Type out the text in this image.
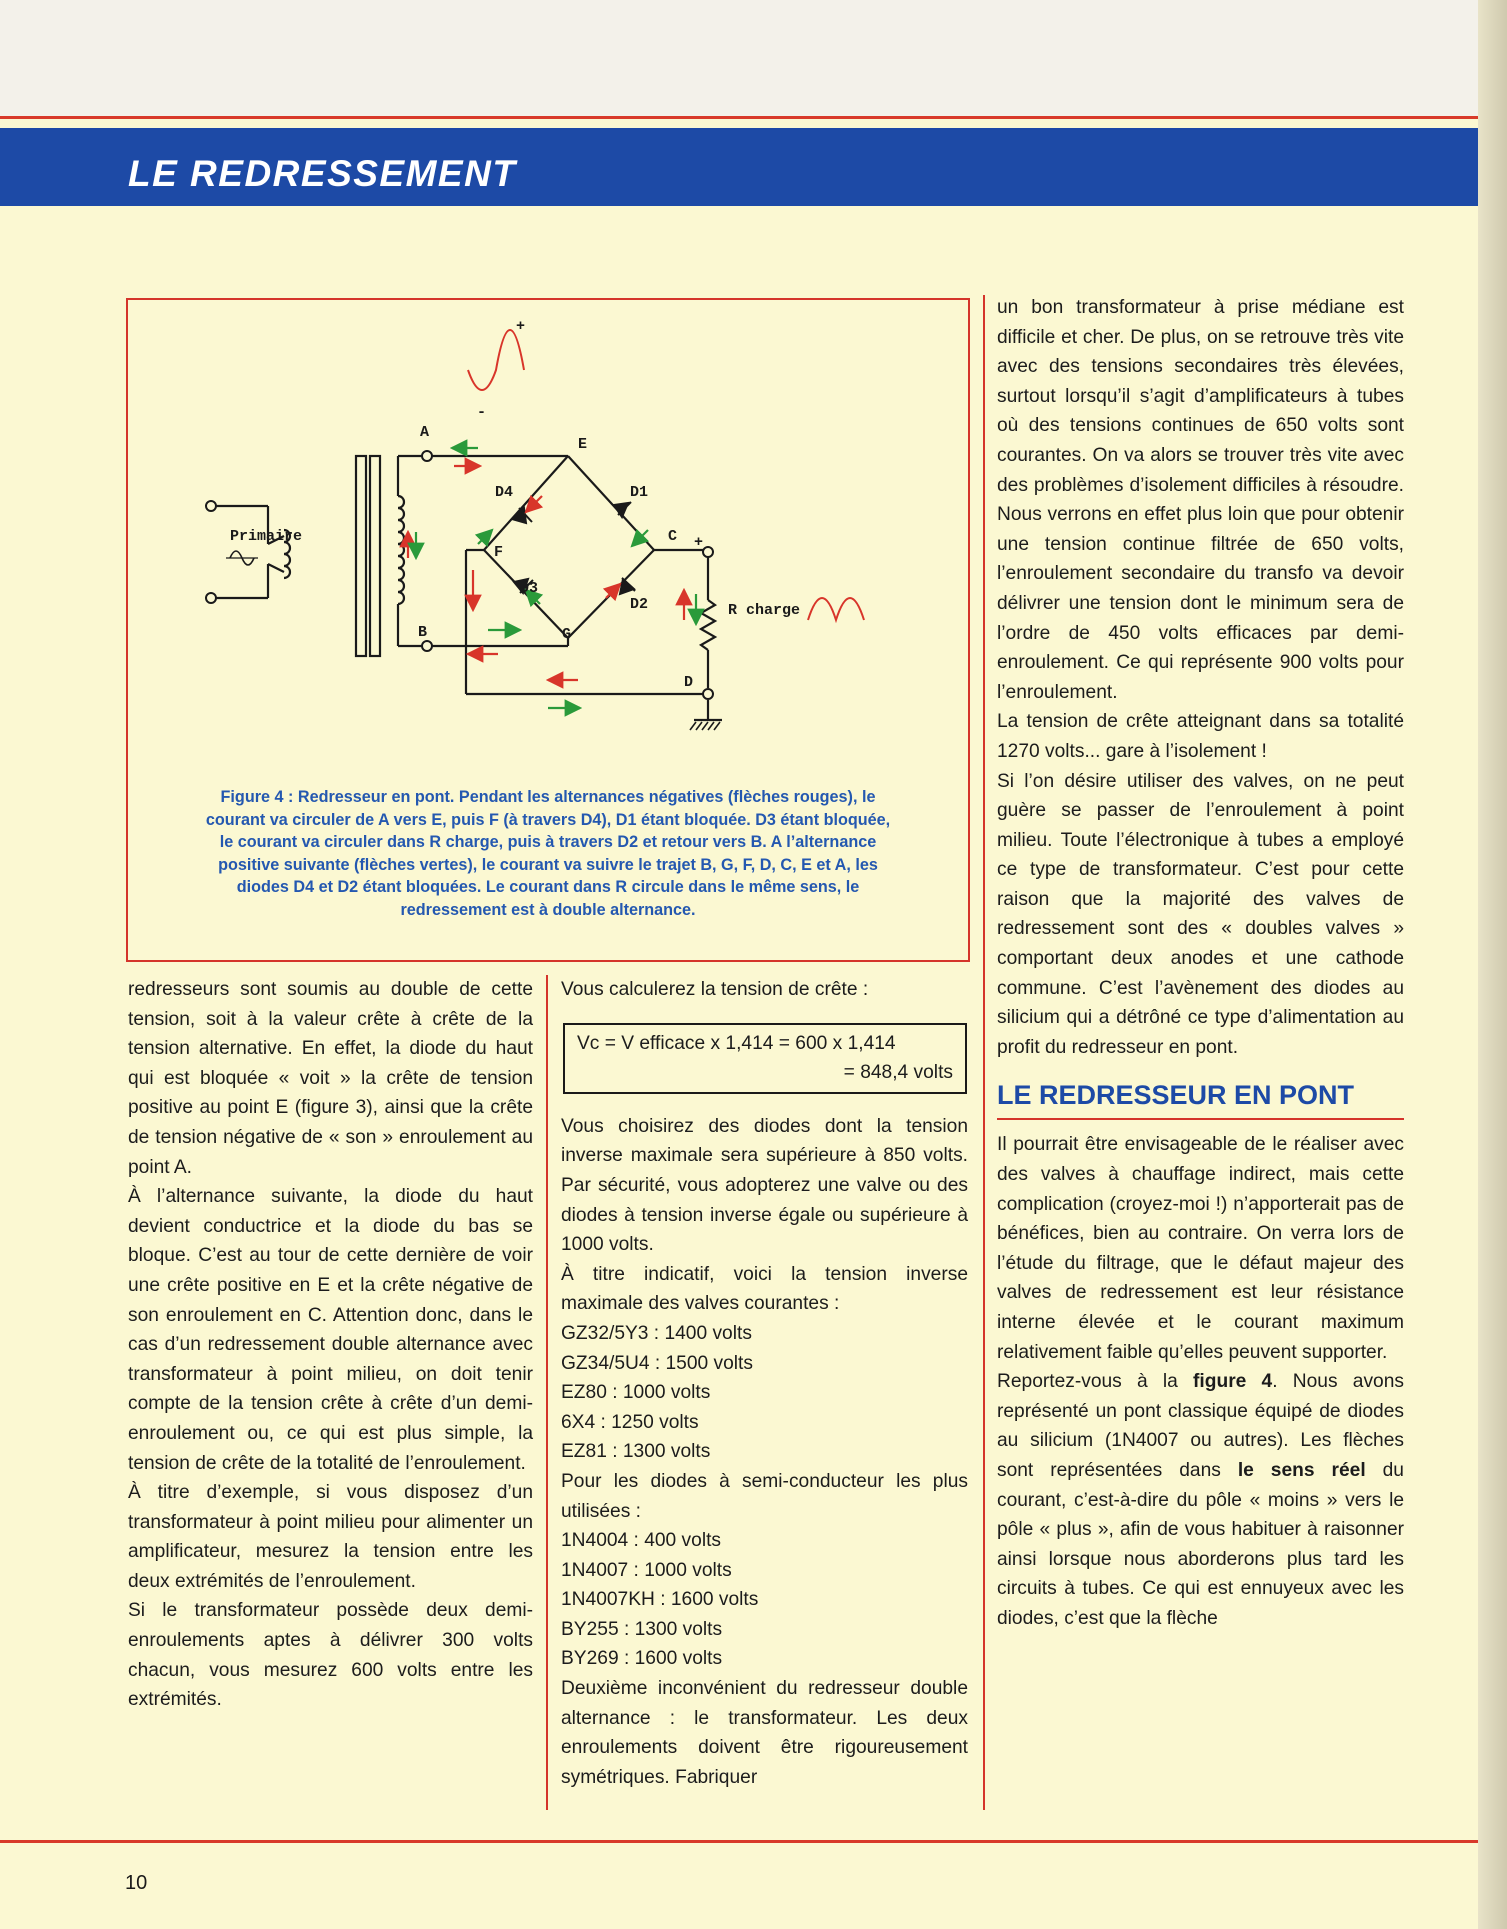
LE REDRESSEMENT
+
-
A
E
D4	D1
C +
F
D3
D2
G
B
D
R charge
Primaire
Figure 4 : Redresseur en pont. Pendant les alternances négatives (flèches rouges), le courant va circuler de A vers E, puis F (à travers D4), D1 étant bloquée. D3 étant bloquée, le courant va circuler dans R charge, puis à travers D2 et retour vers B. A l’alternance positive suivante (flèches vertes), le courant va suivre le trajet B, G, F, D, C, E et A, les diodes D4 et D2 étant bloquées. Le courant dans R circule dans le même sens, le redressement est à double alternance.

redresseurs sont soumis au double de cette tension, soit à la valeur crête à crête de la tension alternative. En effet, la diode du haut qui est bloquée « voit » la crête de tension positive au point E (figure 3), ainsi que la crête de tension négative de « son » enroulement au point A.

À l’alternance suivante, la diode du haut devient conductrice et la diode du bas se bloque. C’est au tour de cette dernière de voir une crête positive en E et la crête négative de son enroulement en C. Attention donc, dans le cas d’un redressement double alternance avec transformateur à point milieu, on doit tenir compte de la tension crête à crête d’un demi-enroulement ou, ce qui est plus simple, la tension de crête de la totalité de l’enroulement.

À titre d’exemple, si vous disposez d’un transformateur à point milieu pour alimenter un amplificateur, mesurez la tension entre les deux extrémités de l’enroulement.

Si le transformateur possède deux demi-enroulements aptes à délivrer 300 volts chacun, vous mesurez 600 volts entre les extrémités.

Vous calculerez la tension de crête :

Vc = V efficace x 1,414 = 600 x 1,414
= 848,4 volts

Vous choisirez des diodes dont la tension inverse maximale sera supérieure à 850 volts. Par sécurité, vous adopterez une valve ou des diodes à tension inverse égale ou supérieure à 1000 volts.

À titre indicatif, voici la tension inverse maximale des valves courantes :

GZ32/5Y3 : 1400 volts

GZ34/5U4 : 1500 volts

EZ80 : 1000 volts

6X4 : 1250 volts

EZ81 : 1300 volts

Pour les diodes à semi-conducteur les plus utilisées :

1N4004 : 400 volts

1N4007 : 1000 volts

1N4007KH : 1600 volts

BY255 : 1300 volts

BY269 : 1600 volts

Deuxième inconvénient du redresseur double alternance : le transformateur. Les deux enroulements doivent être rigoureusement symétriques. Fabriquer

un bon transformateur à prise médiane est difficile et cher. De plus, on se retrouve très vite avec des tensions secondaires très élevées, surtout lorsqu’il s’agit d’amplificateurs à tubes où des tensions continues de 650 volts sont courantes. On va alors se trouver très vite avec des problèmes d’isolement difficiles à résoudre. Nous verrons en effet plus loin que pour obtenir une tension continue filtrée de 650 volts, l’enroulement secondaire du transfo va devoir délivrer une tension dont le minimum sera de l’ordre de 450 volts efficaces par demi-enroulement. Ce qui représente 900 volts pour l’enroulement.

La tension de crête atteignant dans sa totalité 1270 volts... gare à l’isolement !

Si l’on désire utiliser des valves, on ne peut guère se passer de l’enroulement à point milieu. Toute l’électronique à tubes a employé ce type de transformateur. C’est pour cette raison que la majorité des valves de redressement sont des « doubles valves » comportant deux anodes et une cathode commune. C’est l’avènement des diodes au silicium qui a détrôné ce type d’alimentation au profit du redresseur en pont.

LE REDRESSEUR EN PONT

Il pourrait être envisageable de le réaliser avec des valves à chauffage indirect, mais cette complication (croyez-moi !) n’apporterait pas de bénéfices, bien au contraire. On verra lors de l’étude du filtrage, que le défaut majeur des valves de redressement est leur résistance interne élevée et le courant maximum relativement faible qu’elles peuvent supporter.

Reportez-vous à la figure 4. Nous avons représenté un pont classique équipé de diodes au silicium (1N4007 ou autres). Les flèches sont représentées dans le sens réel du courant, c’est-à-dire du pôle « moins » vers le pôle « plus », afin de vous habituer à raisonner ainsi lorsque nous aborderons plus tard les circuits à tubes. Ce qui est ennuyeux avec les diodes, c’est que la flèche

10
